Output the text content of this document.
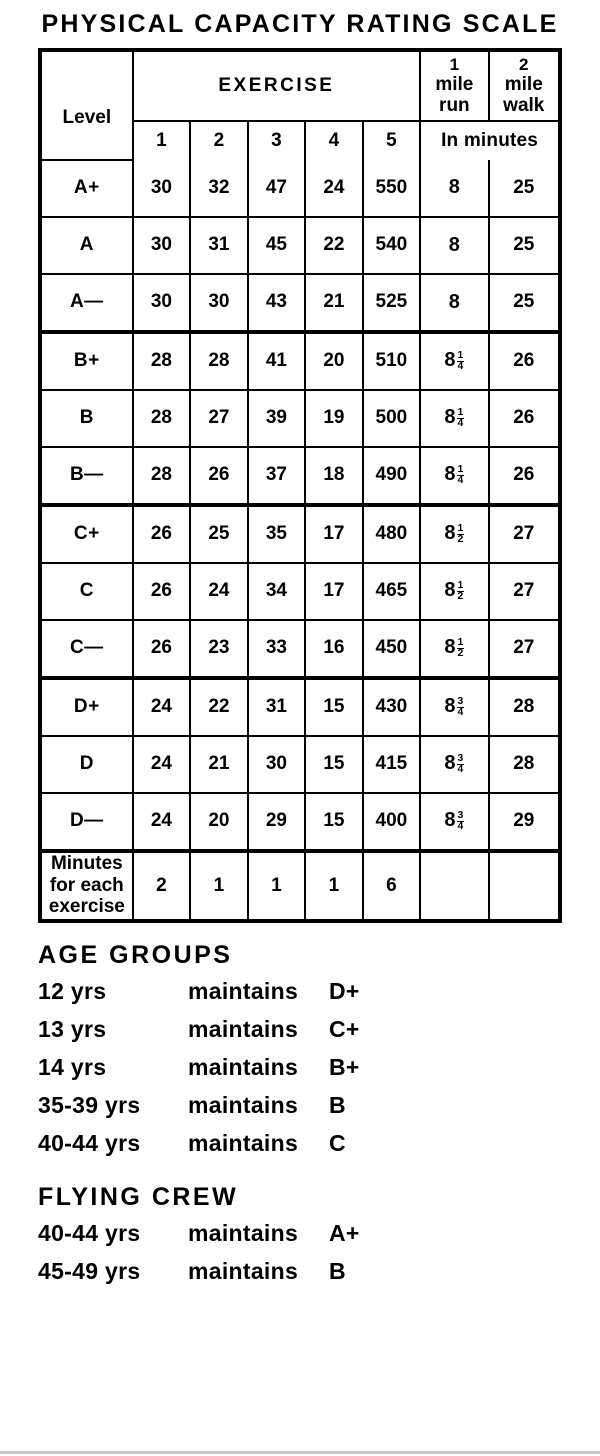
PHYSICAL CAPACITY RATING SCALE
Level	EXERCISE					1
mile
run	2
mile
walk
	1	2	3	4	5	In minutes	
A+	30	32	47	24	550	8	25
A	30	31	45	22	540	8	25
A—	30	30	43	21	525	8	25
B+	28	28	41	20	510	$8 \frac{1}{4}$	26
B	28	27	39	19	500	$8 \frac{1}{4}$	26
B—	28	26	37	18	490	$8 \frac{1}{4}$	26
C+	26	25	35	17	480	$8 \frac{1}{2}$	27
C	26	24	34	17	465	$8 \frac{1}{2}$	27
C—	26	23	33	16	450	$8 \frac{1}{2}$	27
D+	24	22	31	15	430	$8 \frac{3}{4}$	28
D	24	21	30	15	415	$8 \frac{3}{4}$	28
D—	24	20	29	15	400	$8 \frac{3}{4}$	29

Minutes
for each
exercise	2	1	1	1	6		
AGE GROUPS
12 yrs	maintains	D+
13 yrs	maintains	C+
14 yrs	maintains	B+
35-39 yrs	maintains	B
40-44 yrs	maintains	C
FLYING CREW
40-44 yrs	maintains	A+
45-49 yrs	maintains	B
